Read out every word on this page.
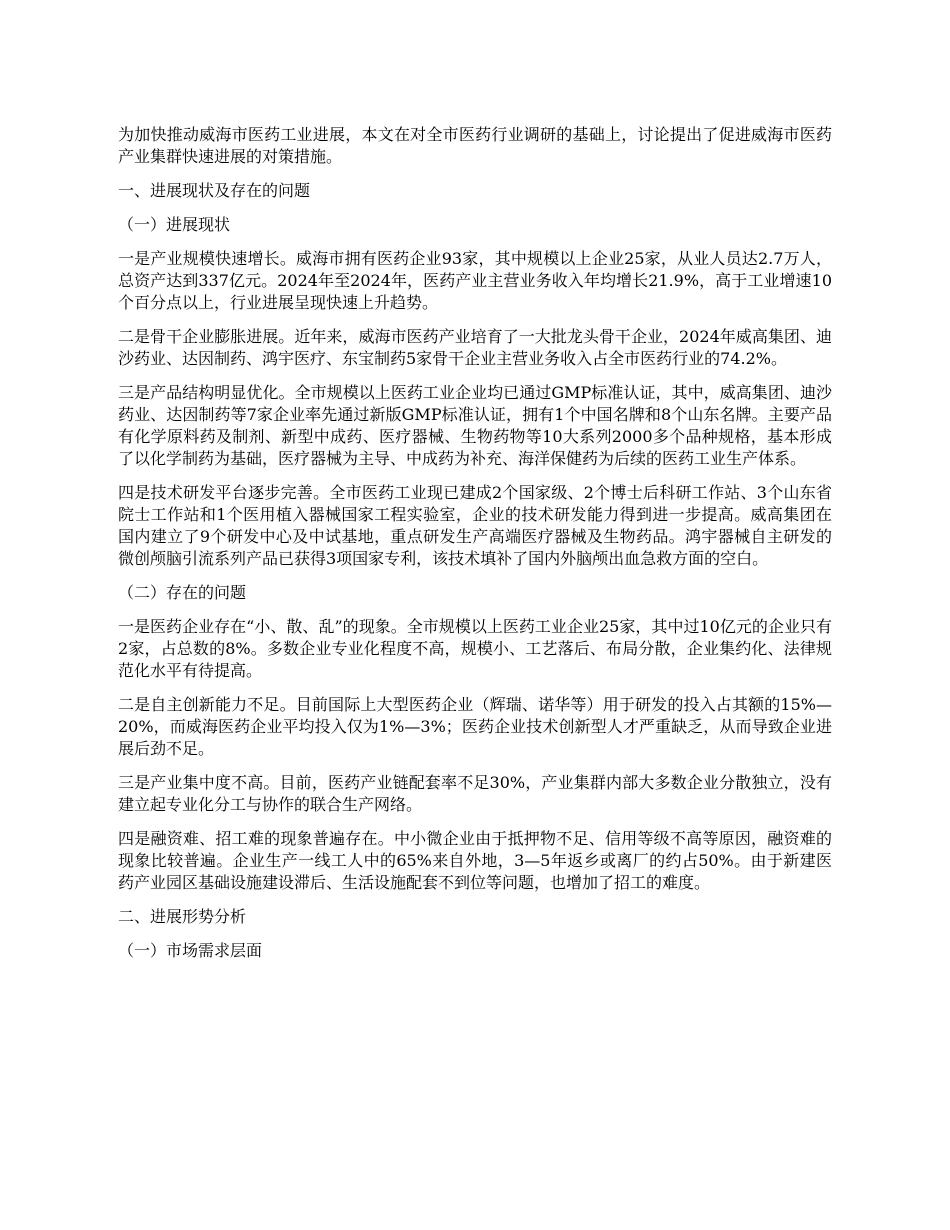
为加快推动威海市医药工业进展，本文在对全市医药行业调研的基础上，讨论提出了促进威海市医药产业集群快速进展的对策措施。

一、进展现状及存在的问题

（一）进展现状

一是产业规模快速增长。威海市拥有医药企业93家，其中规模以上企业25家，从业人员达2.7万人，总资产达到337亿元。2024年至2024年，医药产业主营业务收入年均增长21.9%，高于工业增速10个百分点以上，行业进展呈现快速上升趋势。

二是骨干企业膨胀进展。近年来，威海市医药产业培育了一大批龙头骨干企业，2024年威高集团、迪沙药业、达因制药、鸿宇医疗、东宝制药5家骨干企业主营业务收入占全市医药行业的74.2%。

三是产品结构明显优化。全市规模以上医药工业企业均已通过GMP标准认证，其中，威高集团、迪沙药业、达因制药等7家企业率先通过新版GMP标准认证，拥有1个中国名牌和8个山东名牌。主要产品有化学原料药及制剂、新型中成药、医疗器械、生物药物等10大系列2000多个品种规格，基本形成了以化学制药为基础，医疗器械为主导、中成药为补充、海洋保健药为后续的医药工业生产体系。

四是技术研发平台逐步完善。全市医药工业现已建成2个国家级、2个博士后科研工作站、3个山东省院士工作站和1个医用植入器械国家工程实验室，企业的技术研发能力得到进一步提高。威高集团在国内建立了9个研发中心及中试基地，重点研发生产高端医疗器械及生物药品。鸿宇器械自主研发的微创颅脑引流系列产品已获得3项国家专利，该技术填补了国内外脑颅出血急救方面的空白。

（二）存在的问题

一是医药企业存在“小、散、乱”的现象。全市规模以上医药工业企业25家，其中过10亿元的企业只有2家，占总数的8%。多数企业专业化程度不高，规模小、工艺落后、布局分散，企业集约化、法律规范化水平有待提高。

二是自主创新能力不足。目前国际上大型医药企业（辉瑞、诺华等）用于研发的投入占其额的15%—20%，而威海医药企业平均投入仅为1%—3%；医药企业技术创新型人才严重缺乏，从而导致企业进展后劲不足。

三是产业集中度不高。目前，医药产业链配套率不足30%，产业集群内部大多数企业分散独立，没有建立起专业化分工与协作的联合生产网络。

四是融资难、招工难的现象普遍存在。中小微企业由于抵押物不足、信用等级不高等原因，融资难的现象比较普遍。企业生产一线工人中的65%来自外地，3—5年返乡或离厂的约占50%。由于新建医药产业园区基础设施建设滞后、生活设施配套不到位等问题，也增加了招工的难度。

二、进展形势分析

（一）市场需求层面
